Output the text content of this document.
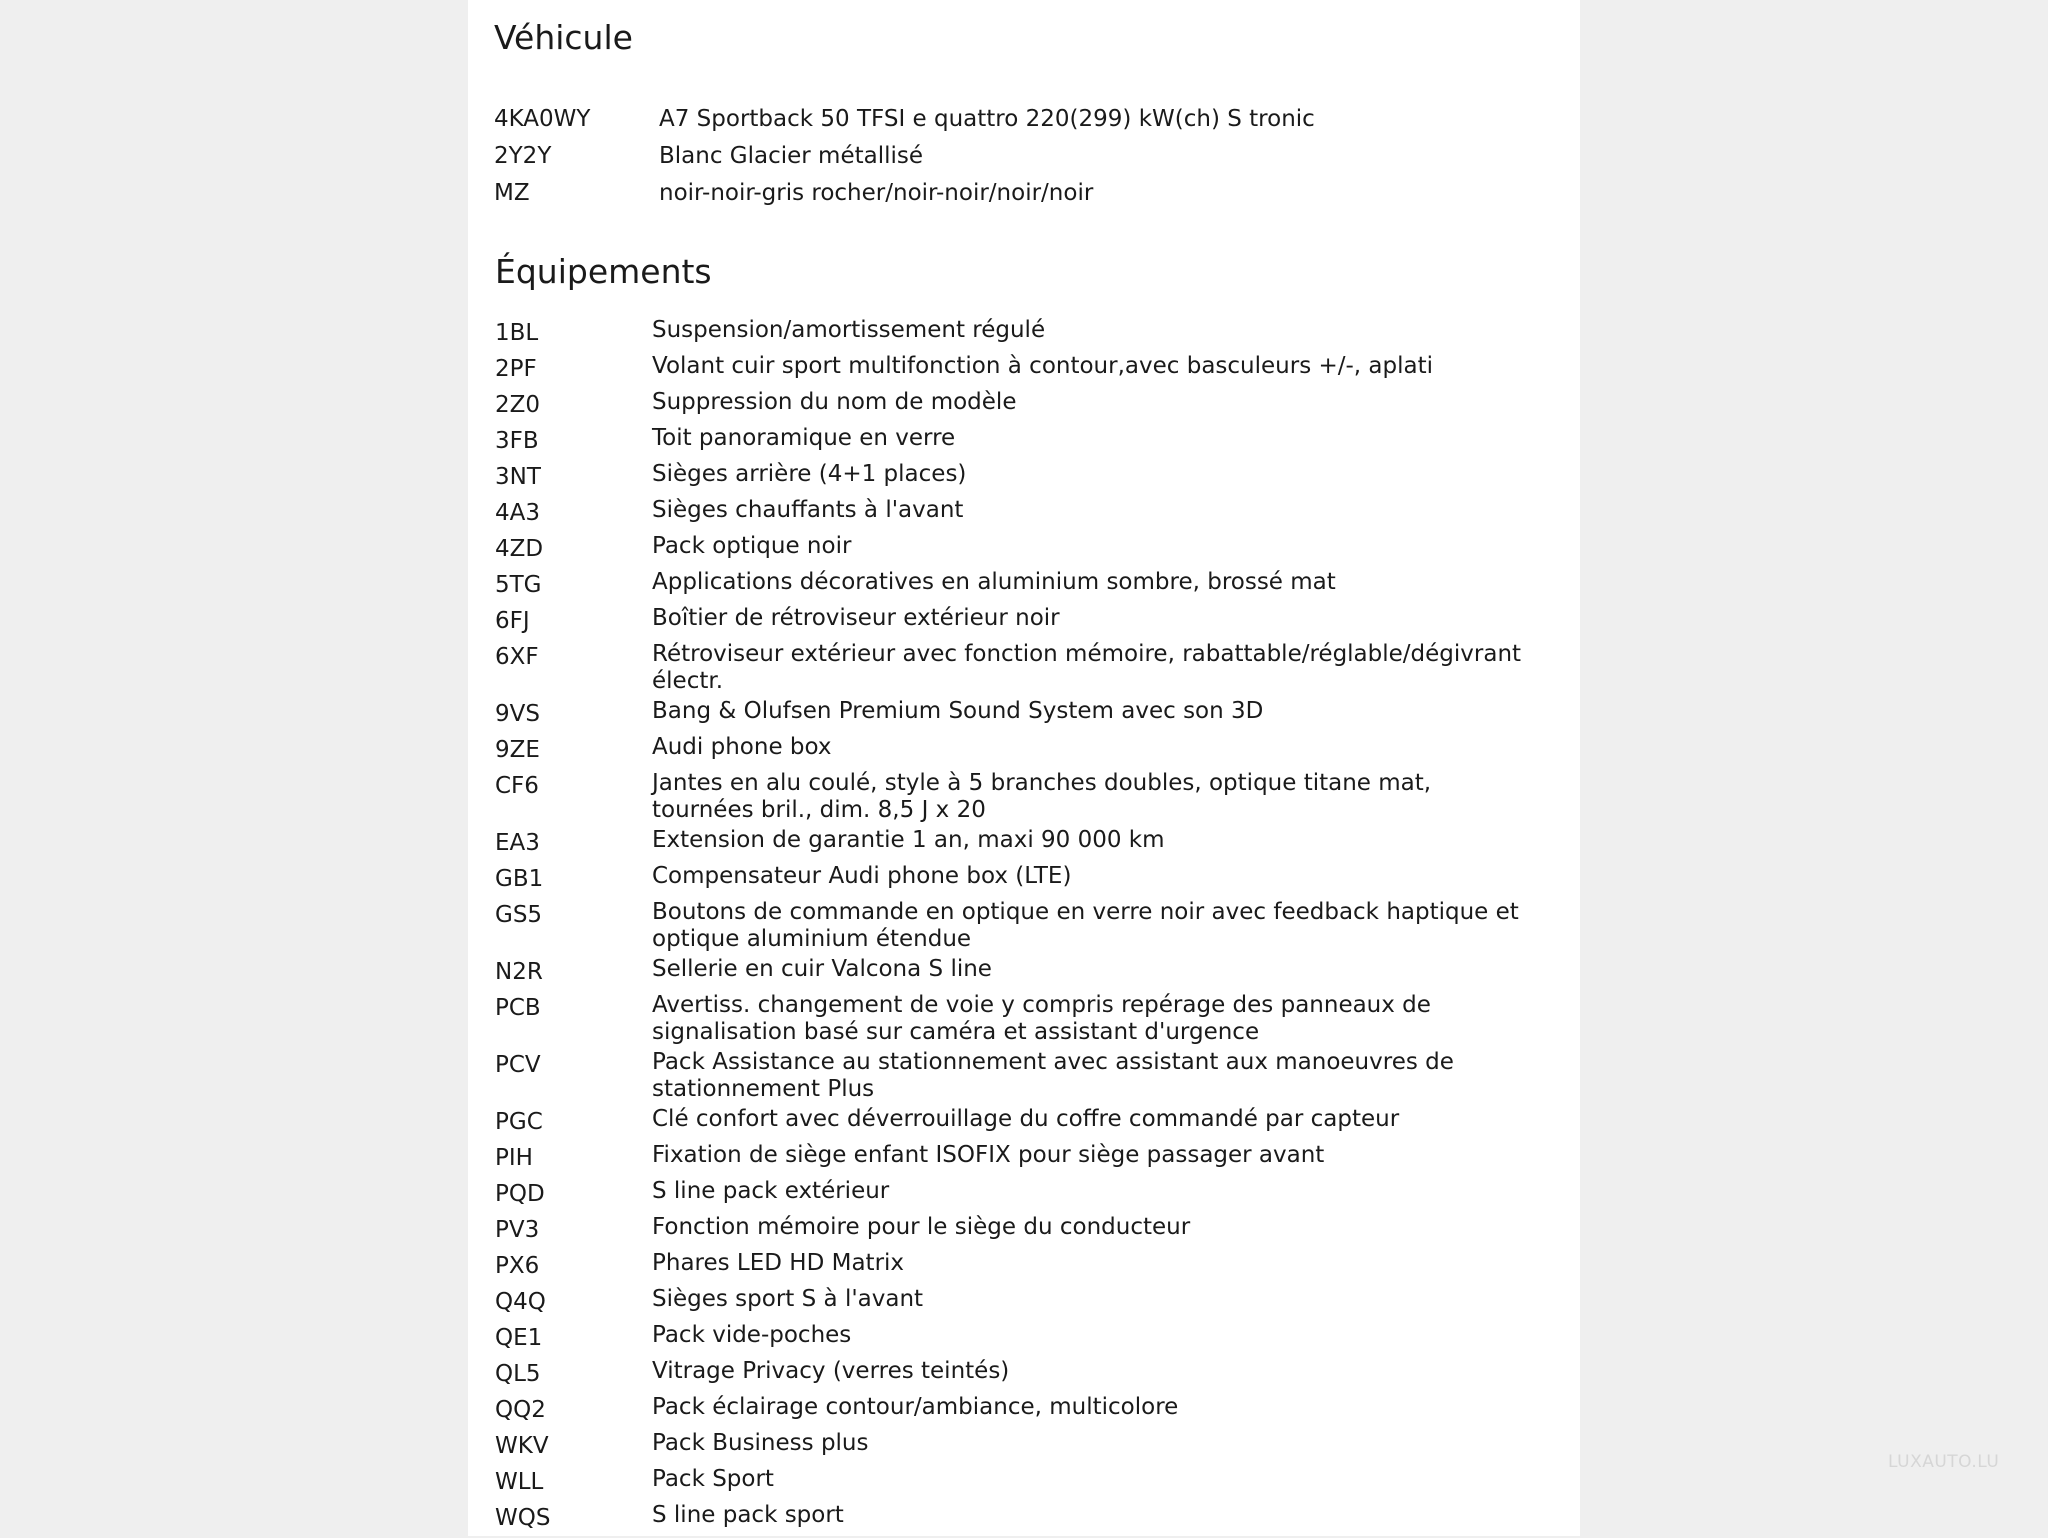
Véhicule
4KA0WY	A7 Sportback 50 TFSI e quattro 220(299) kW(ch) S tronic
2Y2Y	Blanc Glacier métallisé
MZ	noir-noir-gris rocher/noir-noir/noir/noir
Équipements
1BL	Suspension/amortissement régulé
2PF	Volant cuir sport multifonction à contour,avec basculeurs +/-, aplati
2Z0	Suppression du nom de modèle
3FB	Toit panoramique en verre
3NT	Sièges arrière (4+1 places)
4A3	Sièges chauffants à l'avant
4ZD	Pack optique noir
5TG	Applications décoratives en aluminium sombre, brossé mat
6FJ	Boîtier de rétroviseur extérieur noir
6XF	Rétroviseur extérieur avec fonction mémoire, rabattable/réglable/dégivrant électr.
9VS	Bang & Olufsen Premium Sound System avec son 3D
9ZE	Audi phone box
CF6	Jantes en alu coulé, style à 5 branches doubles, optique titane mat, tournées bril., dim. 8,5 J x 20
EA3	Extension de garantie 1 an, maxi 90 000 km
GB1	Compensateur Audi phone box (LTE)
GS5	Boutons de commande en optique en verre noir avec feedback haptique et optique aluminium étendue
N2R	Sellerie en cuir Valcona S line
PCB	Avertiss. changement de voie y compris repérage des panneaux de signalisation basé sur caméra et assistant d'urgence
PCV	Pack Assistance au stationnement avec assistant aux manoeuvres de stationnement Plus
PGC	Clé confort avec déverrouillage du coffre commandé par capteur
PIH	Fixation de siège enfant ISOFIX pour siège passager avant
PQD	S line pack extérieur
PV3	Fonction mémoire pour le siège du conducteur
PX6	Phares LED HD Matrix
Q4Q	Sièges sport S à l'avant
QE1	Pack vide-poches
QL5	Vitrage Privacy (verres teintés)
QQ2	Pack éclairage contour/ambiance, multicolore
WKV	Pack Business plus
WLL	Pack Sport
WQS	S line pack sport
LUXAUTO.LU
